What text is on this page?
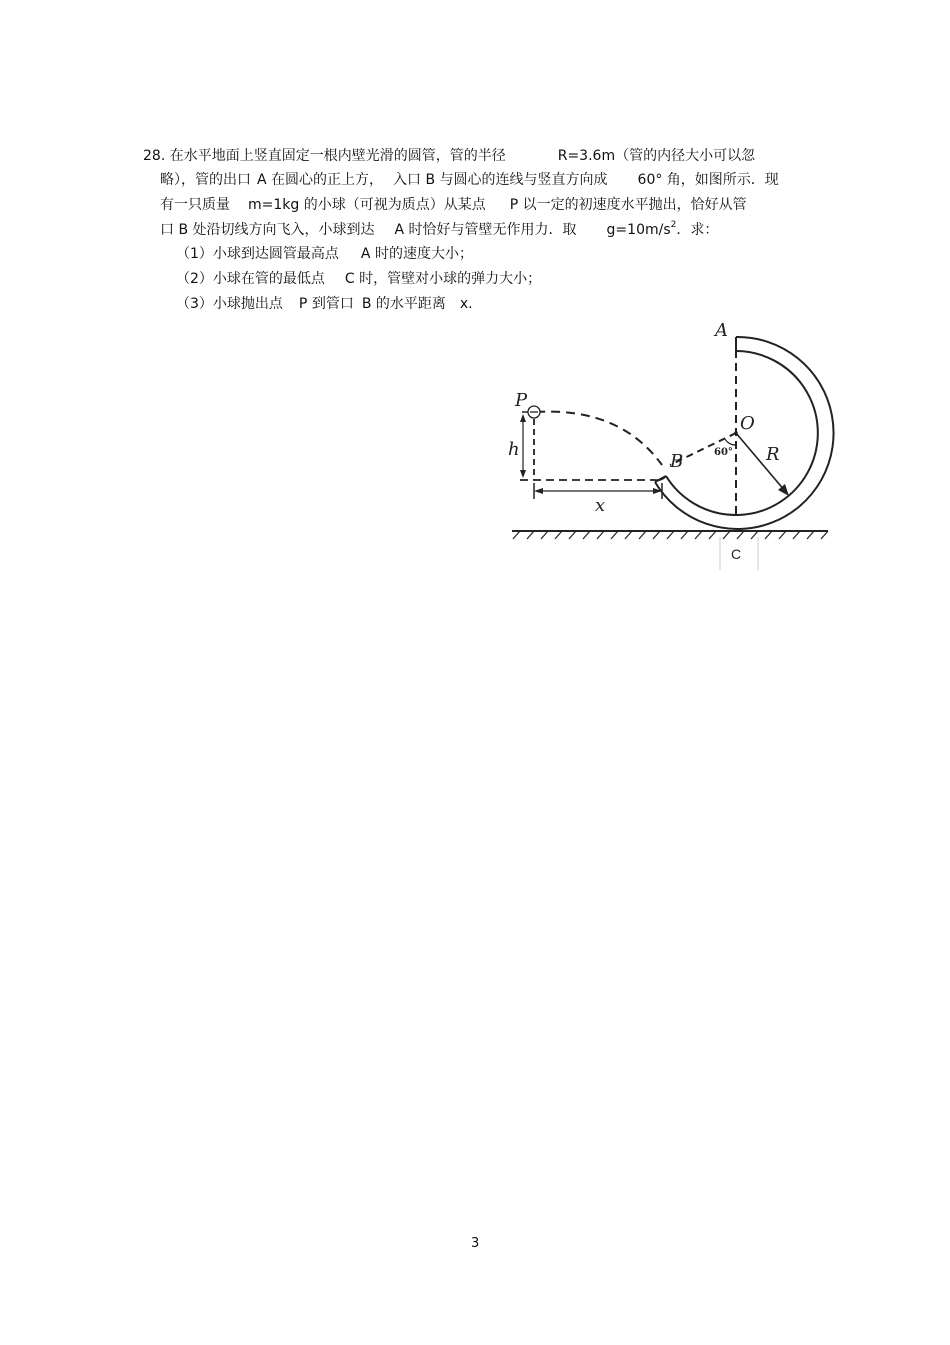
28. 在水平地面上竖直固定一根内壁光滑的圆管，管的半径	R=3.6m（管的内径大小可以忽
略），管的出口 A 在圆心的正上方， 入口 B 与圆心的连线与竖直方向成 60° 角，如图所示．现
有一只质量 m=1kg 的小球（可视为质点）从某点 P 以一定的初速度水平抛出，恰好从管
口 B 处沿切线方向飞入，小球到达 A 时恰好与管壁无作用力．取 $g=10m/s^2$．求：
（1）小球到达圆管最高点 A 时的速度大小；
（2）小球在管的最低点 C 时，管壁对小球的弹力大小；
（3）小球抛出点 P 到管口 B 的水平距离 x.
A
O
P
B	R
h
x
60°
C
3
